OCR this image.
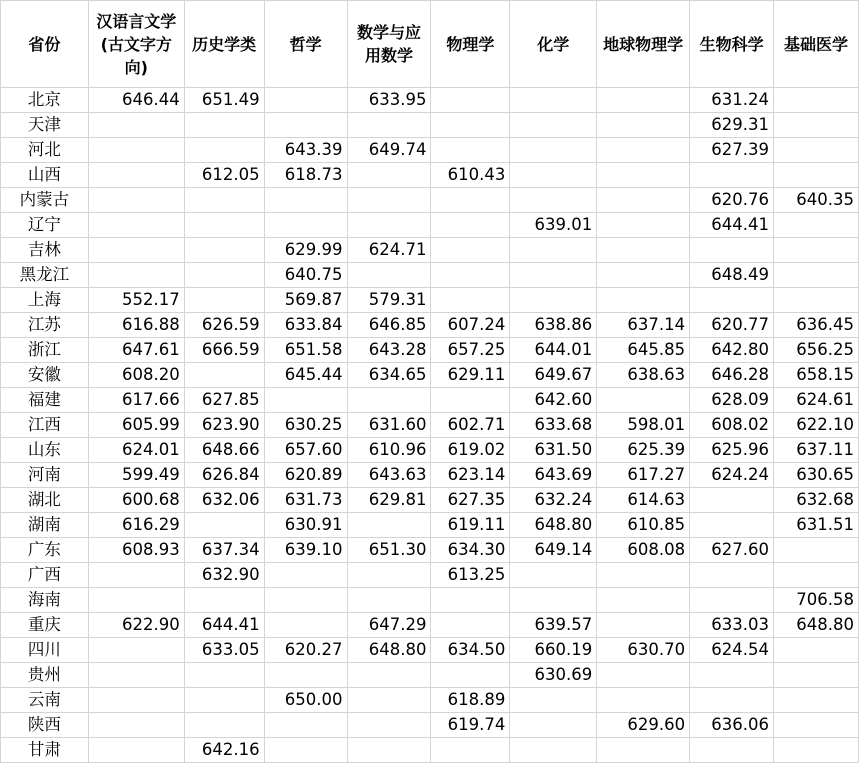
省份	汉语言文学(古文字方向)	历史学类	哲学	数学与应用数学	物理学	化学	地球物理学	生物科学	基础医学
北京	646.44	651.49		633.95				631.24	
天津								629.31	
河北			643.39	649.74				627.39	
山西		612.05	618.73		610.43				
内蒙古								620.76	640.35
辽宁						639.01		644.41	
吉林			629.99	624.71					
黑龙江			640.75					648.49	
上海	552.17		569.87	579.31					
江苏	616.88	626.59	633.84	646.85	607.24	638.86	637.14	620.77	636.45
浙江	647.61	666.59	651.58	643.28	657.25	644.01	645.85	642.80	656.25
安徽	608.20		645.44	634.65	629.11	649.67	638.63	646.28	658.15
福建	617.66	627.85				642.60		628.09	624.61
江西	605.99	623.90	630.25	631.60	602.71	633.68	598.01	608.02	622.10
山东	624.01	648.66	657.60	610.96	619.02	631.50	625.39	625.96	637.11
河南	599.49	626.84	620.89	643.63	623.14	643.69	617.27	624.24	630.65
湖北	600.68	632.06	631.73	629.81	627.35	632.24	614.63		632.68
湖南	616.29		630.91		619.11	648.80	610.85		631.51
广东	608.93	637.34	639.10	651.30	634.30	649.14	608.08	627.60	
广西		632.90			613.25				
海南									706.58
重庆	622.90	644.41		647.29		639.57		633.03	648.80
四川		633.05	620.27	648.80	634.50	660.19	630.70	624.54	
贵州						630.69			
云南			650.00		618.89				
陕西					619.74		629.60	636.06	
甘肃		642.16							
